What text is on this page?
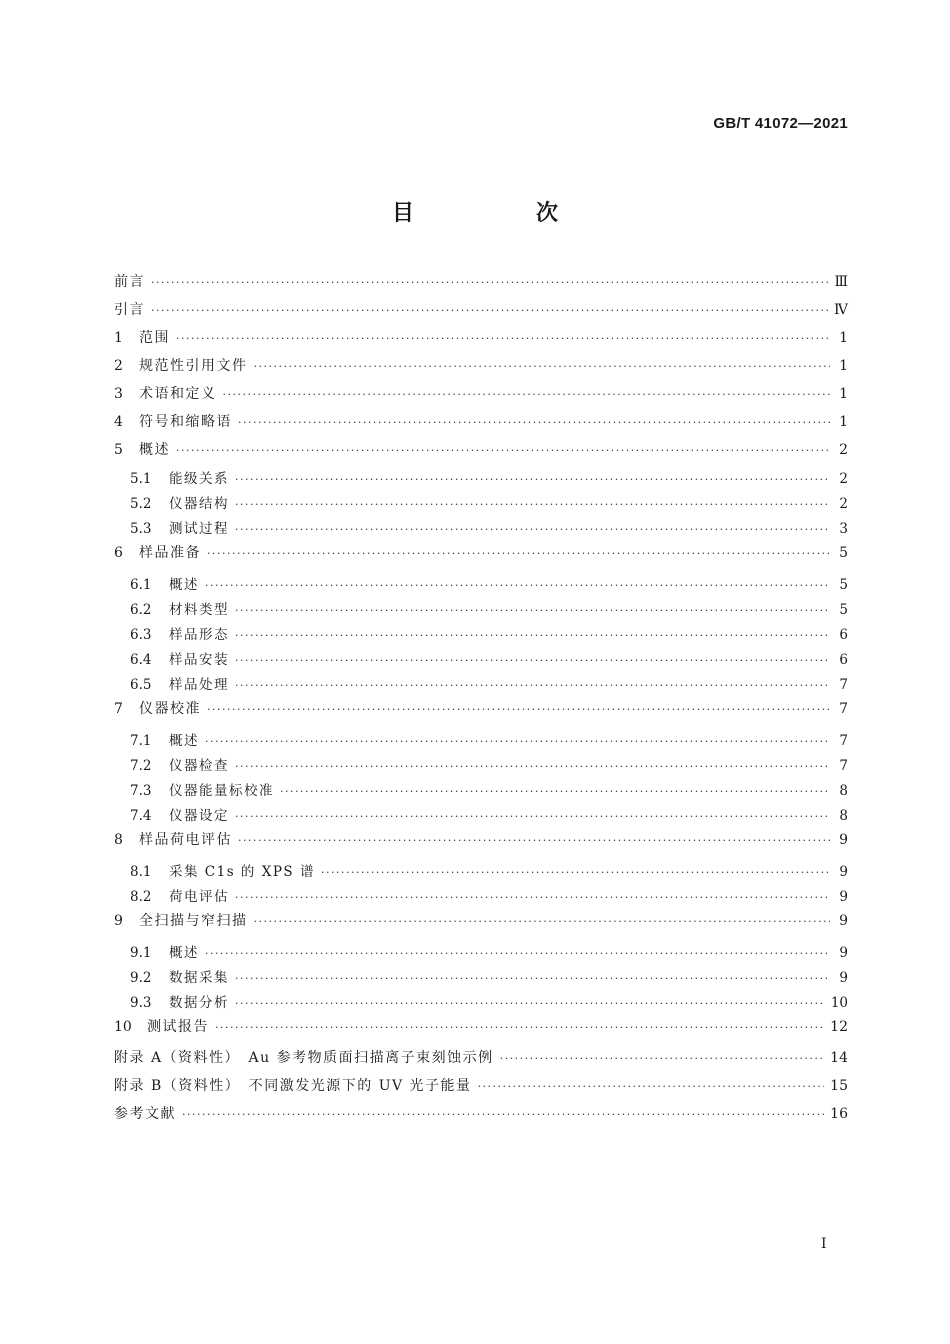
GB/T 41072—2021
目　次
前言 ·····	Ⅲ
引言 ·····	Ⅳ
1	范围 ·····	1
2	规范性引用文件 ·····	1
3	术语和定义 ·····	1
4	符号和缩略语 ·····	1
5	概述 ·····	2
5.1	能级关系 ·····	2
5.2	仪器结构 ·····	2
5.3	测试过程 ·····	3
6	样品准备 ·····	5
6.1	概述 ·····	5
6.2	材料类型 ·····	5
6.3	样品形态 ·····	6
6.4	样品安装 ·····	6
6.5	样品处理 ·····	7
7	仪器校准 ·····	7
7.1	概述 ·····	7
7.2	仪器检查 ·····	7
7.3	仪器能量标校准 ·····	8
7.4	仪器设定 ·····	8
8	样品荷电评估 ·····	9
8.1	采集 C1s 的 XPS 谱 ·····	9
8.2	荷电评估 ·····	9
9	全扫描与窄扫描 ·····	9
9.1	概述 ·····	9
9.2	数据采集 ·····	9
9.3	数据分析 ·····	10
10	测试报告 ·····	12
附录 A（资料性）　Au 参考物质面扫描离子束刻蚀示例 ·····	14
附录 B（资料性）　不同激发光源下的 UV 光子能量 ·····	15
参考文献 ·····	16
Ⅰ
